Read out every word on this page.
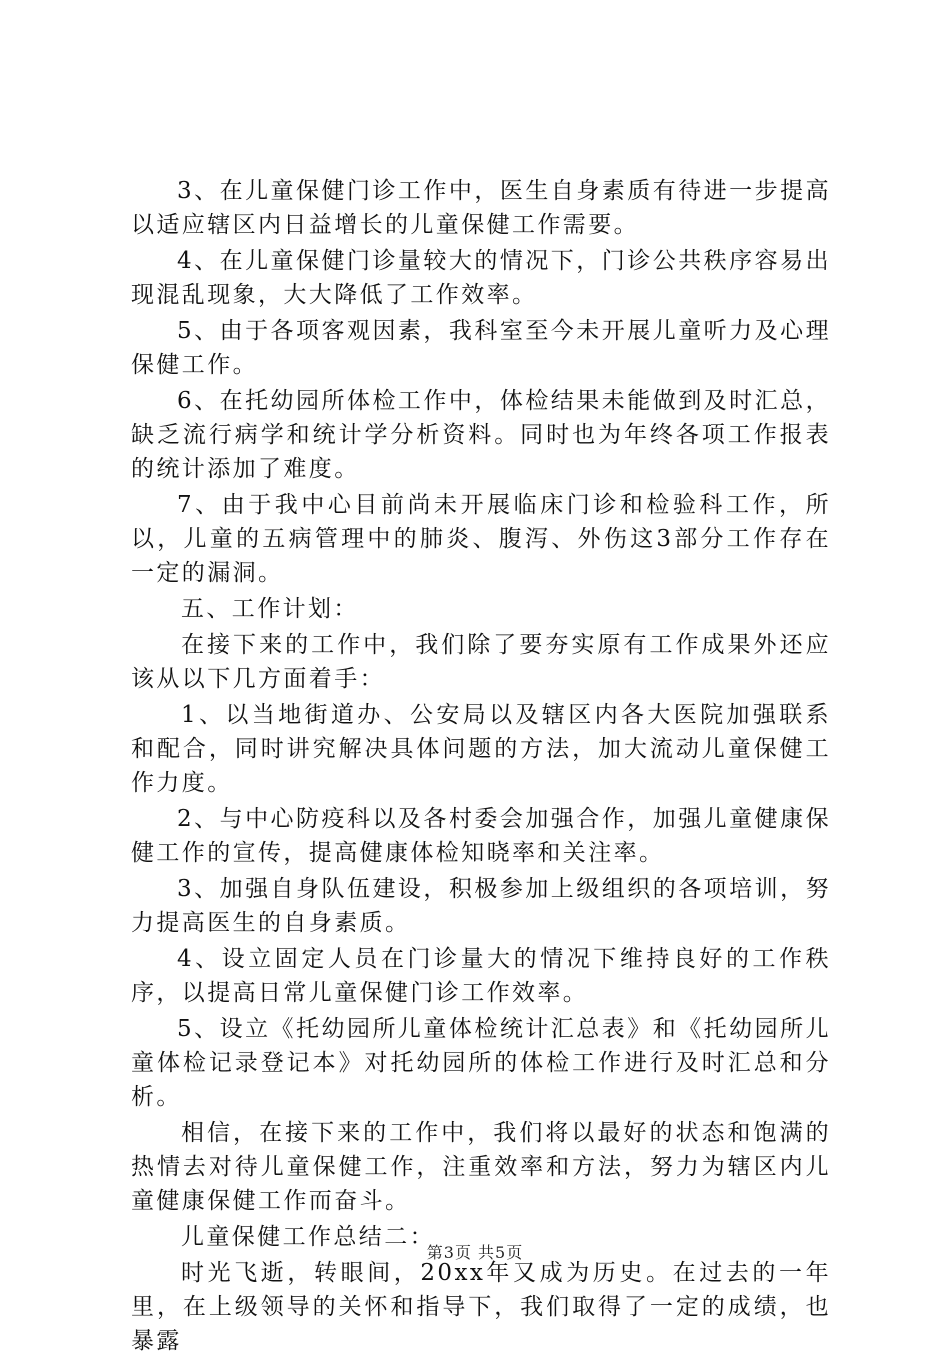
3、在儿童保健门诊工作中，医生自身素质有待进一步提高以适应辖区内日益增长的儿童保健工作需要。

4、在儿童保健门诊量较大的情况下，门诊公共秩序容易出现混乱现象，大大降低了工作效率。

5、由于各项客观因素，我科室至今未开展儿童听力及心理保健工作。

6、在托幼园所体检工作中，体检结果未能做到及时汇总，缺乏流行病学和统计学分析资料。同时也为年终各项工作报表的统计添加了难度。

7、由于我中心目前尚未开展临床门诊和检验科工作，所以，儿童的五病管理中的肺炎、腹泻、外伤这3部分工作存在一定的漏洞。

五、工作计划：

在接下来的工作中，我们除了要夯实原有工作成果外还应该从以下几方面着手：

1、以当地街道办、公安局以及辖区内各大医院加强联系和配合，同时讲究解决具体问题的方法，加大流动儿童保健工作力度。

2、与中心防疫科以及各村委会加强合作，加强儿童健康保健工作的宣传，提高健康体检知晓率和关注率。

3、加强自身队伍建设，积极参加上级组织的各项培训，努力提高医生的自身素质。

4、设立固定人员在门诊量大的情况下维持良好的工作秩序，以提高日常儿童保健门诊工作效率。

5、设立《托幼园所儿童体检统计汇总表》和《托幼园所儿童体检记录登记本》对托幼园所的体检工作进行及时汇总和分析。

相信，在接下来的工作中，我们将以最好的状态和饱满的热情去对待儿童保健工作，注重效率和方法，努力为辖区内儿童健康保健工作而奋斗。

儿童保健工作总结二：

时光飞逝，转眼间，20xx年又成为历史。在过去的一年里，在上级领导的关怀和指导下，我们取得了一定的成绩，也暴露

第3页 共5页
